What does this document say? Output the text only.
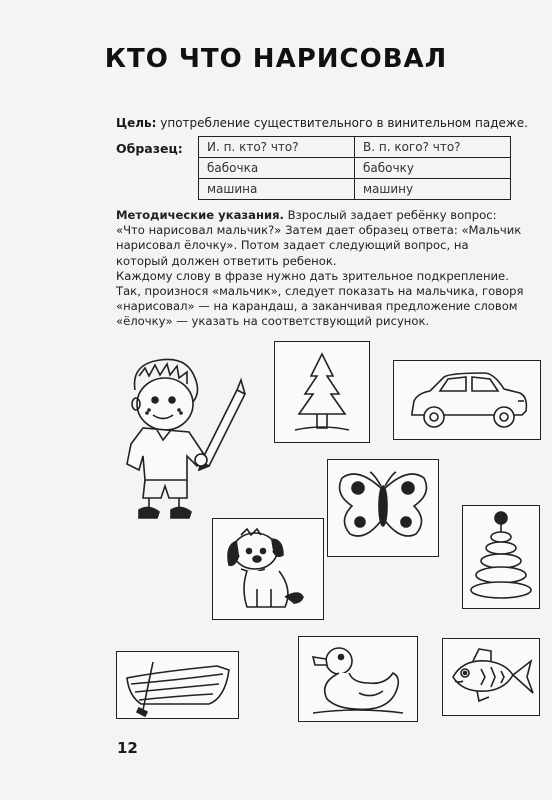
КТО ЧТО НАРИСОВАЛ
Цель: употребление существительного в винительном падеже.
Образец: И. п. кто? что?	В. п. кого? что?
бабочка	бабочку
машина	машину

Методические указания. Взрослый задает ребёнку вопрос: «Что нарисовал мальчик?» Затем дает образец ответа: «Мальчик нарисовал ёлочку». Потом задает следующий вопрос, на который должен ответить ребенок.

Каждому слову в фразе нужно дать зрительное подкрепление. Так, произнося «мальчик», следует показать на мальчика, говоря «нарисовал» — на карандаш, а заканчивая предложение словом «ёлочку» — указать на соответствующий рисунок.

12
